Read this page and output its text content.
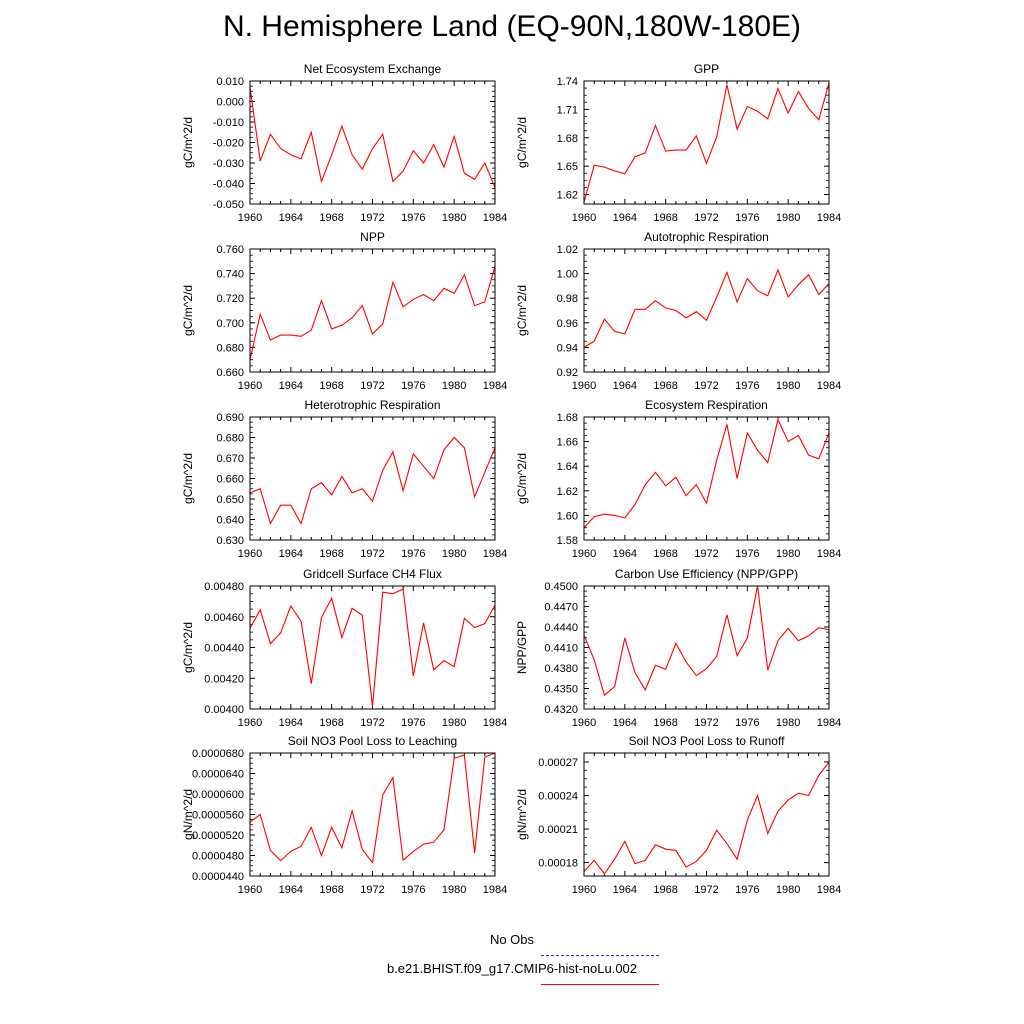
N. Hemisphere Land (EQ-90N,180W-180E)
Net Ecosystem Exchange
gC/m^2/d
1960 1964 1968 1972 1976 1980 1984
-0.050
-0.040
-0.030
-0.020
-0.010
0.000
0.010
GPP
gC/m^2/d
1960 1964 1968 1972 1976 1980 1984
1.62
1.65
1.68
1.71
1.74
NPP
gC/m^2/d
1960 1964 1968 1972 1976 1980 1984
0.660
0.680
0.700
0.720
0.740
0.760
Autotrophic Respiration
gC/m^2/d
1960 1964 1968 1972 1976 1980 1984
0.92
0.94
0.96
0.98
1.00
1.02
Heterotrophic Respiration
gC/m^2/d
1960 1964 1968 1972 1976 1980 1984
0.630
0.640
0.650
0.660
0.670
0.680
0.690
Ecosystem Respiration
gC/m^2/d
1960 1964 1968 1972 1976 1980 1984
1.58
1.60
1.62
1.64
1.66
1.68
Gridcell Surface CH4 Flux
gC/m^2/d
1960 1964 1968 1972 1976 1980 1984
0.00400
0.00420
0.00440
0.00460
0.00480
Carbon Use Efficiency (NPP/GPP)
NPP/GPP
1960 1964 1968 1972 1976 1980 1984
0.4320
0.4350
0.4380
0.4410
0.4440
0.4470
0.4500
Soil NO3 Pool Loss to Leaching
gN/m^2/d
1960 1964 1968 1972 1976 1980 1984
0.0000440
0.0000480
0.0000520
0.0000560
0.0000600
0.0000640
0.0000680
Soil NO3 Pool Loss to Runoff
gN/m^2/d
1960 1964 1968 1972 1976 1980 1984
0.00018
0.00021
0.00024
0.00027
No Obs
b.e21.BHIST.f09_g17.CMIP6-hist-noLu.002
